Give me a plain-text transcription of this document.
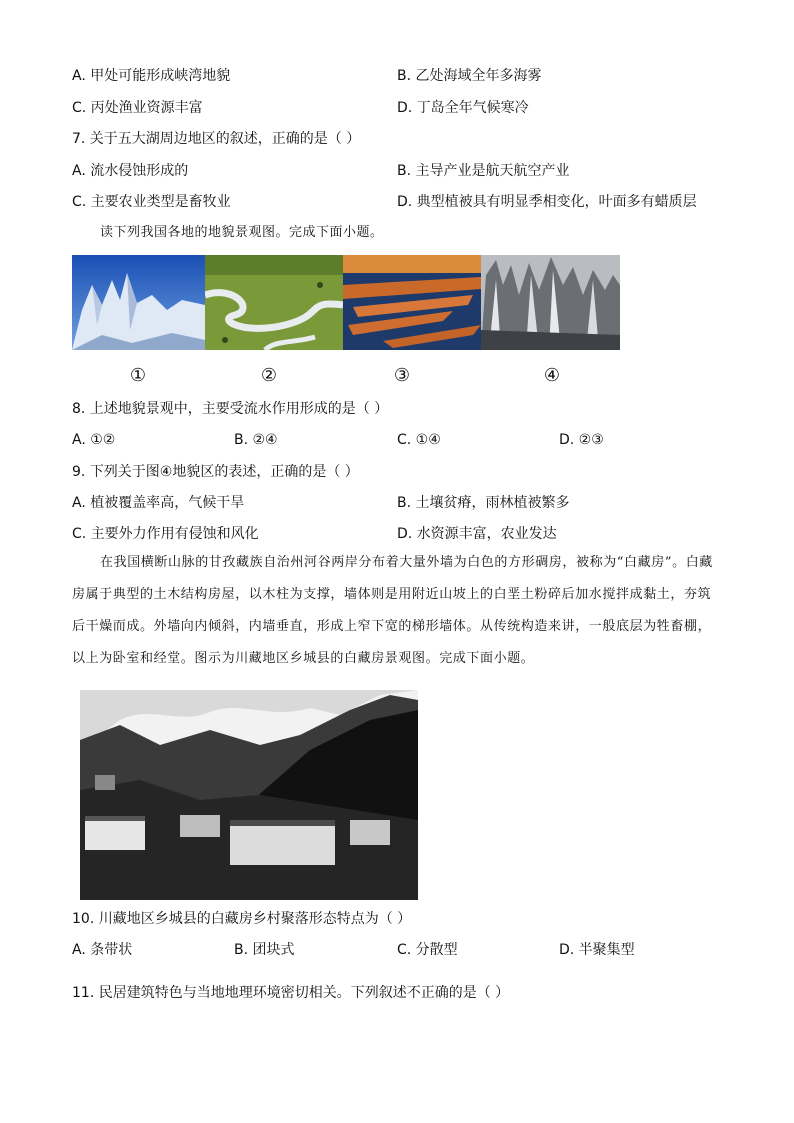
A. 甲处可能形成峡湾地貌	B. 乙处海域全年多海雾
C. 丙处渔业资源丰富	D. 丁岛全年气候寒冷
7. 关于五大湖周边地区的叙述，正确的是（ ）
A. 流水侵蚀形成的	B. 主导产业是航天航空产业
C. 主要农业类型是畜牧业	D. 典型植被具有明显季相变化，叶面多有蜡质层
读下列我国各地的地貌景观图。完成下面小题。
①	②	③	④
8. 上述地貌景观中，主要受流水作用形成的是（ ）
A. ①②	B. ②④	C. ①④	D. ②③
9. 下列关于图④地貌区的表述，正确的是（ ）
A. 植被覆盖率高，气候干旱	B. 土壤贫瘠，雨林植被繁多
C. 主要外力作用有侵蚀和风化	D. 水资源丰富，农业发达

在我国横断山脉的甘孜藏族自治州河谷两岸分布着大量外墙为白色的方形碉房，被称为“白藏房”。白藏房属于典型的土木结构房屋，以木柱为支撑，墙体则是用附近山坡上的白垩土粉碎后加水搅拌成黏土，夯筑后干燥而成。外墙向内倾斜，内墙垂直，形成上窄下宽的梯形墙体。从传统构造来讲，一般底层为牲畜棚，以上为卧室和经堂。图示为川藏地区乡城县的白藏房景观图。完成下面小题。

10. 川藏地区乡城县的白藏房乡村聚落形态特点为（ ）
A. 条带状	B. 团块式	C. 分散型	D. 半聚集型
11. 民居建筑特色与当地地理环境密切相关。下列叙述不正确的是（ ）
